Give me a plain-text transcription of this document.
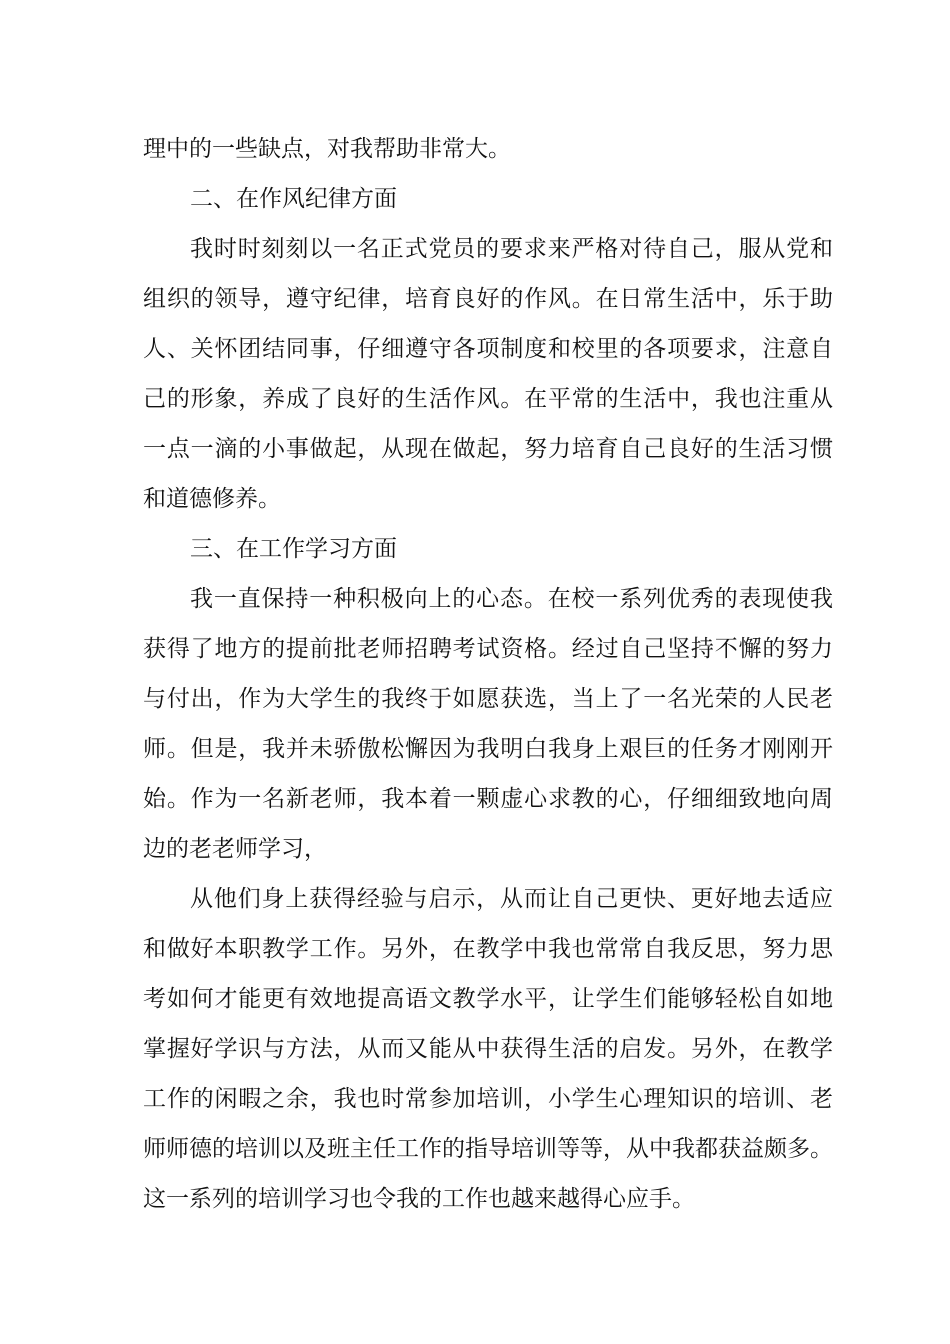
理中的一些缺点，对我帮助非常大。
二、在作风纪律方面
我时时刻刻以一名正式党员的要求来严格对待自己，服从党和
组织的领导，遵守纪律，培育良好的作风。在日常生活中，乐于助
人、关怀团结同事，仔细遵守各项制度和校里的各项要求，注意自
己的形象，养成了良好的生活作风。在平常的生活中，我也注重从
一点一滴的小事做起，从现在做起，努力培育自己良好的生活习惯
和道德修养。
三、在工作学习方面
我一直保持一种积极向上的心态。在校一系列优秀的表现使我
获得了地方的提前批老师招聘考试资格。经过自己坚持不懈的努力
与付出，作为大学生的我终于如愿获选，当上了一名光荣的人民老
师。但是，我并未骄傲松懈因为我明白我身上艰巨的任务才刚刚开
始。作为一名新老师，我本着一颗虚心求教的心，仔细细致地向周
边的老老师学习，
从他们身上获得经验与启示，从而让自己更快、更好地去适应
和做好本职教学工作。另外，在教学中我也常常自我反思，努力思
考如何才能更有效地提高语文教学水平，让学生们能够轻松自如地
掌握好学识与方法，从而又能从中获得生活的启发。另外，在教学
工作的闲暇之余，我也时常参加培训，小学生心理知识的培训、老
师师德的培训以及班主任工作的指导培训等等，从中我都获益颇多。
这一系列的培训学习也令我的工作也越来越得心应手。
